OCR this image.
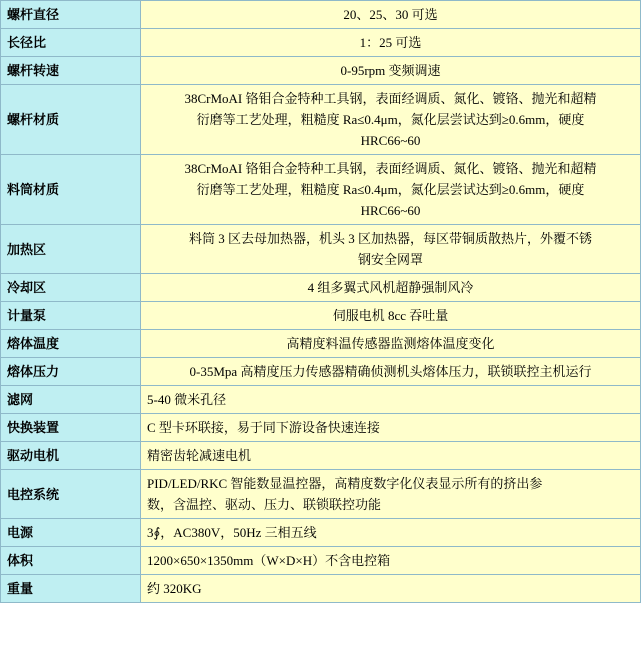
螺杆直径	20、25、30 可选

长径比	1：25 可选

螺杆转速	0-95rpm 变频调速

螺杆材质	38CrMoAI 铬钼合金特种工具钢，表面经调质、氮化、镀铬、抛光和超精
衍磨等工艺处理，粗糙度 Ra≤0.4μm，氮化层尝试达到≥0.6mm，硬度
HRC66~60

料筒材质	38CrMoAI 铬钼合金特种工具钢，表面经调质、氮化、镀铬、抛光和超精
衍磨等工艺处理，粗糙度 Ra≤0.4μm，氮化层尝试达到≥0.6mm，硬度
HRC66~60

加热区	料筒 3 区去母加热器，机头 3 区加热器，每区带铜质散热片，外覆不锈
钢安全网罩

冷却区	4 组多翼式风机超静强制风冷

计量泵	伺服电机 8cc 吞吐量

熔体温度	高精度料温传感器监测熔体温度变化

熔体压力	0-35Mpa 高精度压力传感器精确侦测机头熔体压力，联锁联控主机运行

滤网	5-40 微米孔径

快换装置	C 型卡环联接，易于同下游设备快速连接

驱动电机	精密齿轮减速电机

电控系统	PID/LED/RKC 智能数显温控器，高精度数字化仪表显示所有的挤出参
数，含温控、驱动、压力、联锁联控功能

电源	3∮，AC380V，50Hz 三相五线

体积	1200×650×1350mm（W×D×H）不含电控箱

重量	约 320KG
